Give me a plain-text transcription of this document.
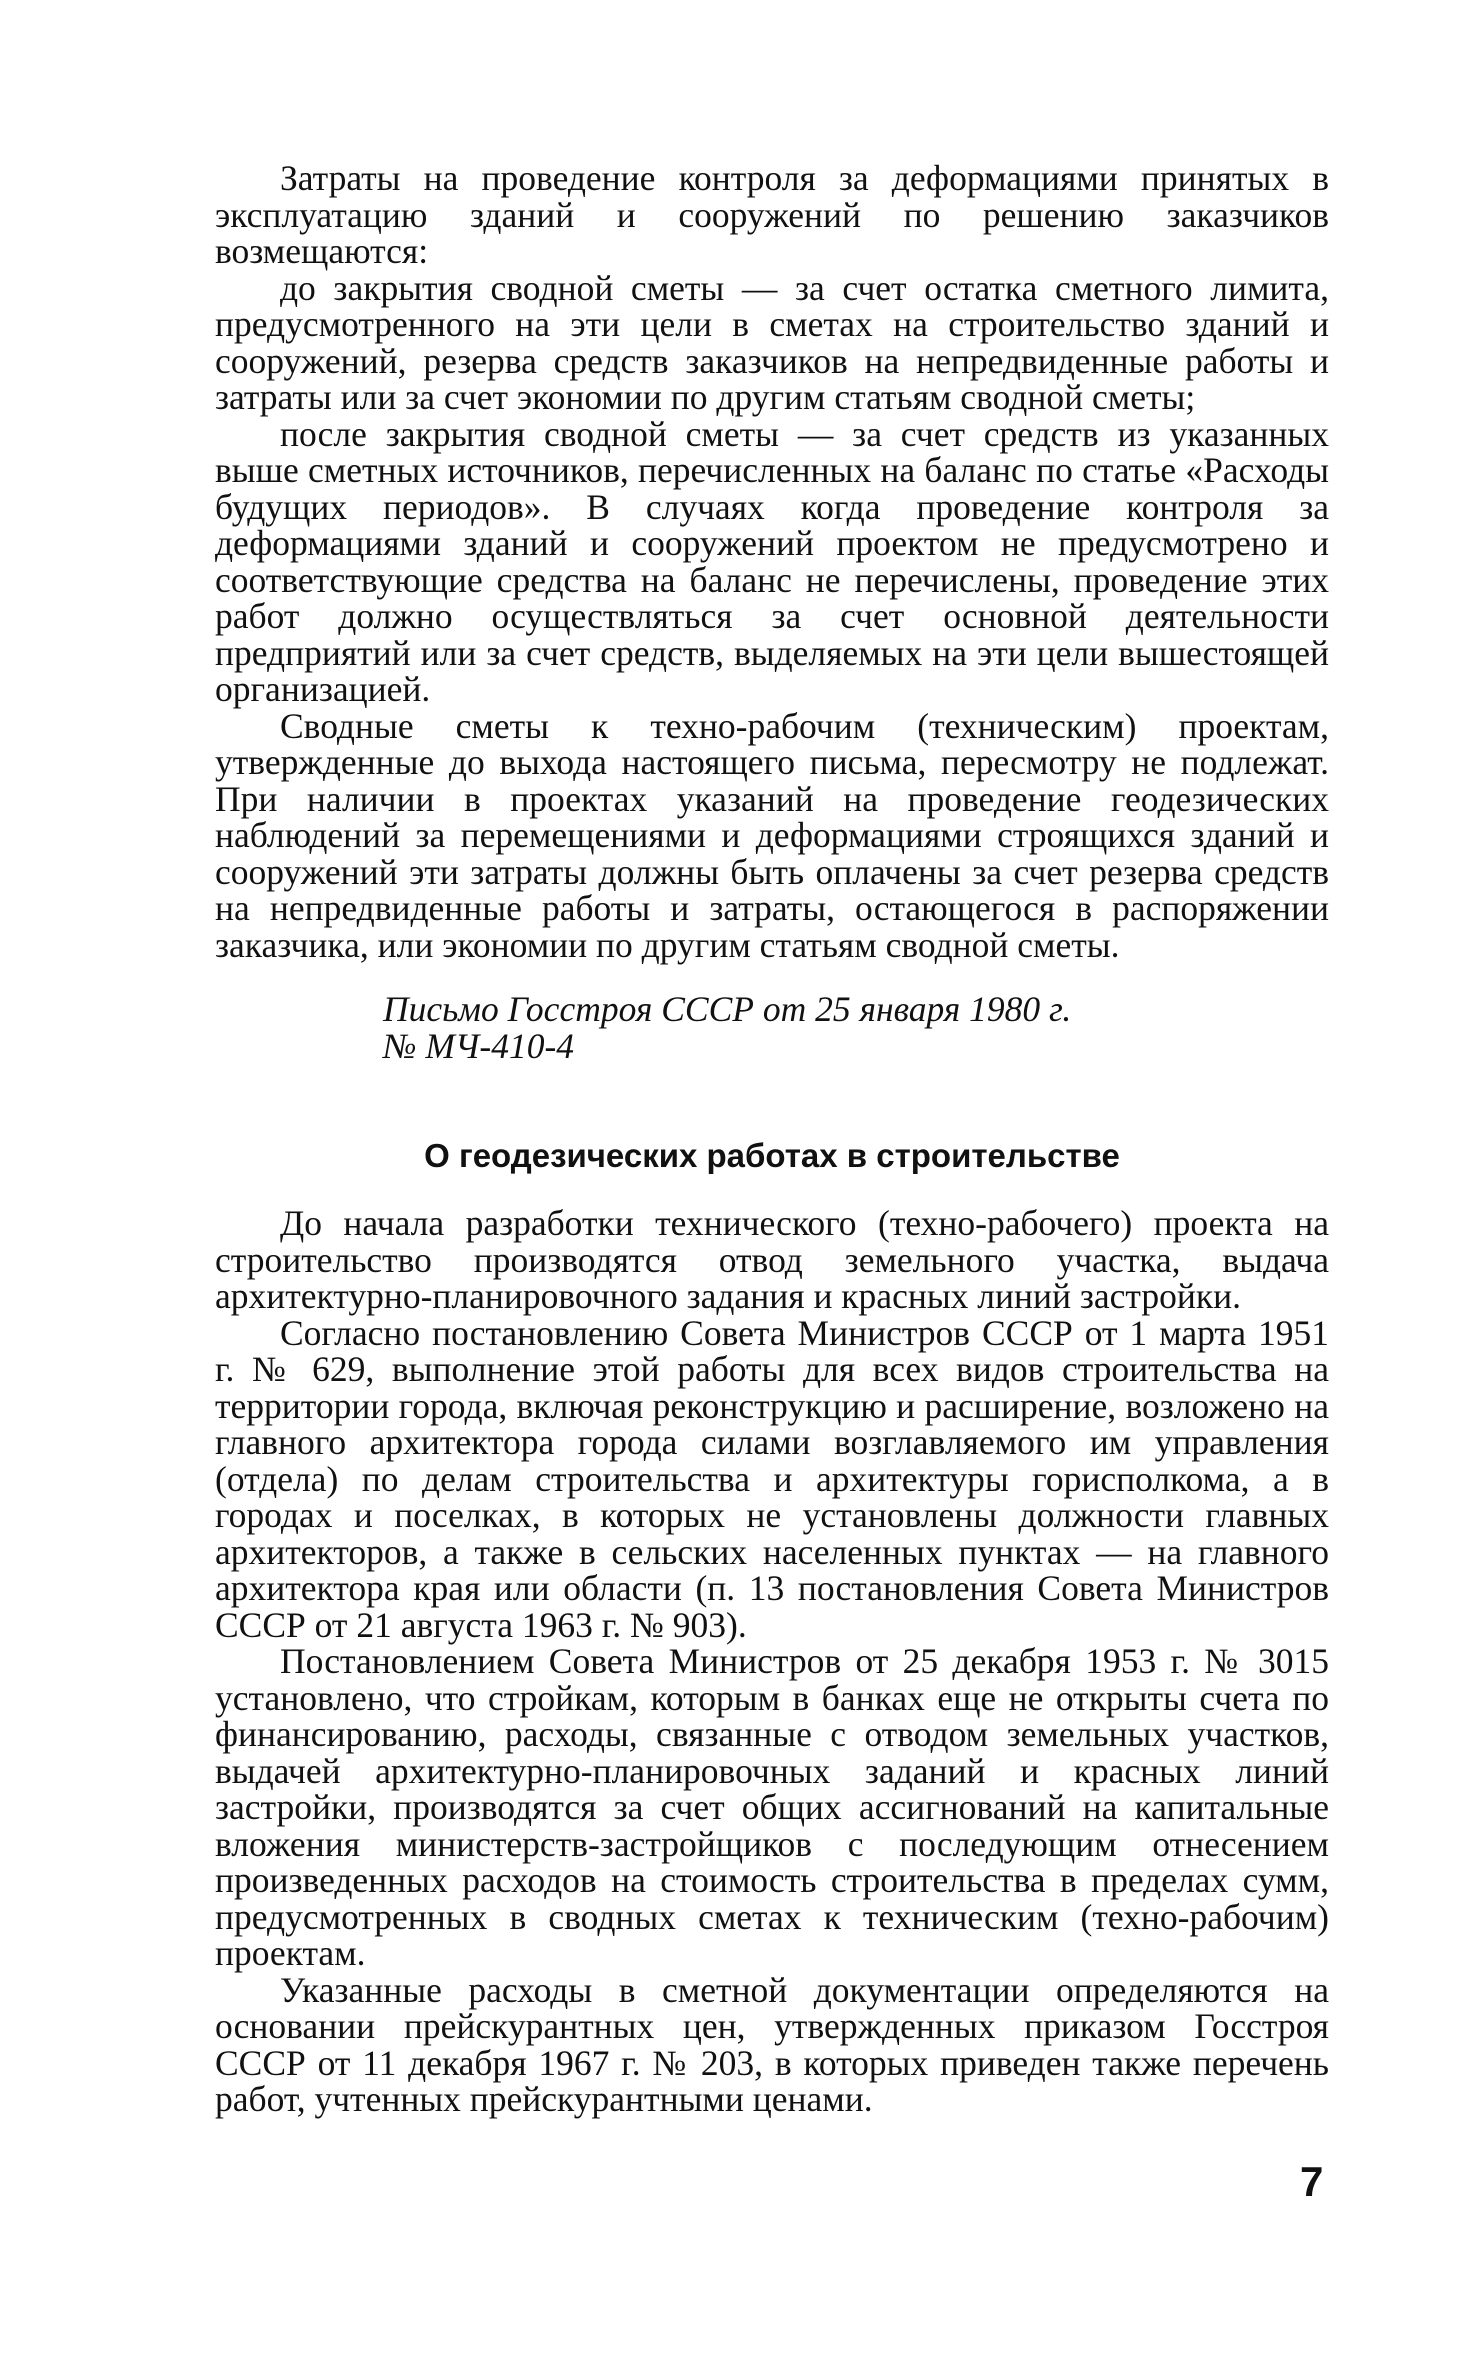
Затраты на проведение контроля за деформациями принятых в эксплуатацию зданий и сооружений по решению заказчиков возмещаются:

до закрытия сводной сметы — за счет остатка сметного лимита, предусмотренного на эти цели в сметах на строительство зданий и сооружений, резерва средств заказчиков на непредвиденные работы и затраты или за счет экономии по другим статьям сводной сметы;

после закрытия сводной сметы — за счет средств из указанных выше сметных источников, перечисленных на баланс по статье «Расходы будущих периодов». В случаях когда проведение контроля за деформациями зданий и сооружений проектом не предусмотрено и соответствующие средства на баланс не перечислены, проведение этих работ должно осуществляться за счет основной деятельности предприятий или за счет средств, выделяемых на эти цели вышестоящей организацией.

Сводные сметы к техно-рабочим (техническим) проектам, утвержденные до выхода настоящего письма, пересмотру не подлежат. При наличии в проектах указаний на проведение геодезических наблюдений за перемещениями и деформациями строящихся зданий и сооружений эти затраты должны быть оплачены за счет резерва средств на непредвиденные работы и затраты, остающегося в распоряжении заказчика, или экономии по другим статьям сводной сметы.

Письмо Госстроя СССР от 25 января 1980 г.
№ МЧ-410-4
О геодезических работах в строительстве

До начала разработки технического (техно-рабочего) проекта на строительство производятся отвод земельного участка, выдача архитектурно-планировочного задания и красных линий застройки.

Согласно постановлению Совета Министров СССР от 1 марта 1951 г. № 629, выполнение этой работы для всех видов строительства на территории города, включая реконструкцию и расширение, возложено на главного архитектора города силами возглавляемого им управления (отдела) по делам строительства и архитектуры горисполкома, а в городах и поселках, в которых не установлены должности главных архитекторов, а также в сельских населенных пунктах — на главного архитектора края или области (п. 13 постановления Совета Министров СССР от 21 августа 1963 г. № 903).

Постановлением Совета Министров от 25 декабря 1953 г. № 3015 установлено, что стройкам, которым в банках еще не открыты счета по финансированию, расходы, связанные с отводом земельных участков, выдачей архитектурно-планировочных заданий и красных линий застройки, производятся за счет общих ассигнований на капитальные вложения министерств-застройщиков с последующим отнесением произведенных расходов на стоимость строительства в пределах сумм, предусмотренных в сводных сметах к техническим (техно-рабочим) проектам.

Указанные расходы в сметной документации определяются на основании прейскурантных цен, утвержденных приказом Госстроя СССР от 11 декабря 1967 г. № 203, в которых приведен также перечень работ, учтенных прейскурантными ценами.

7
